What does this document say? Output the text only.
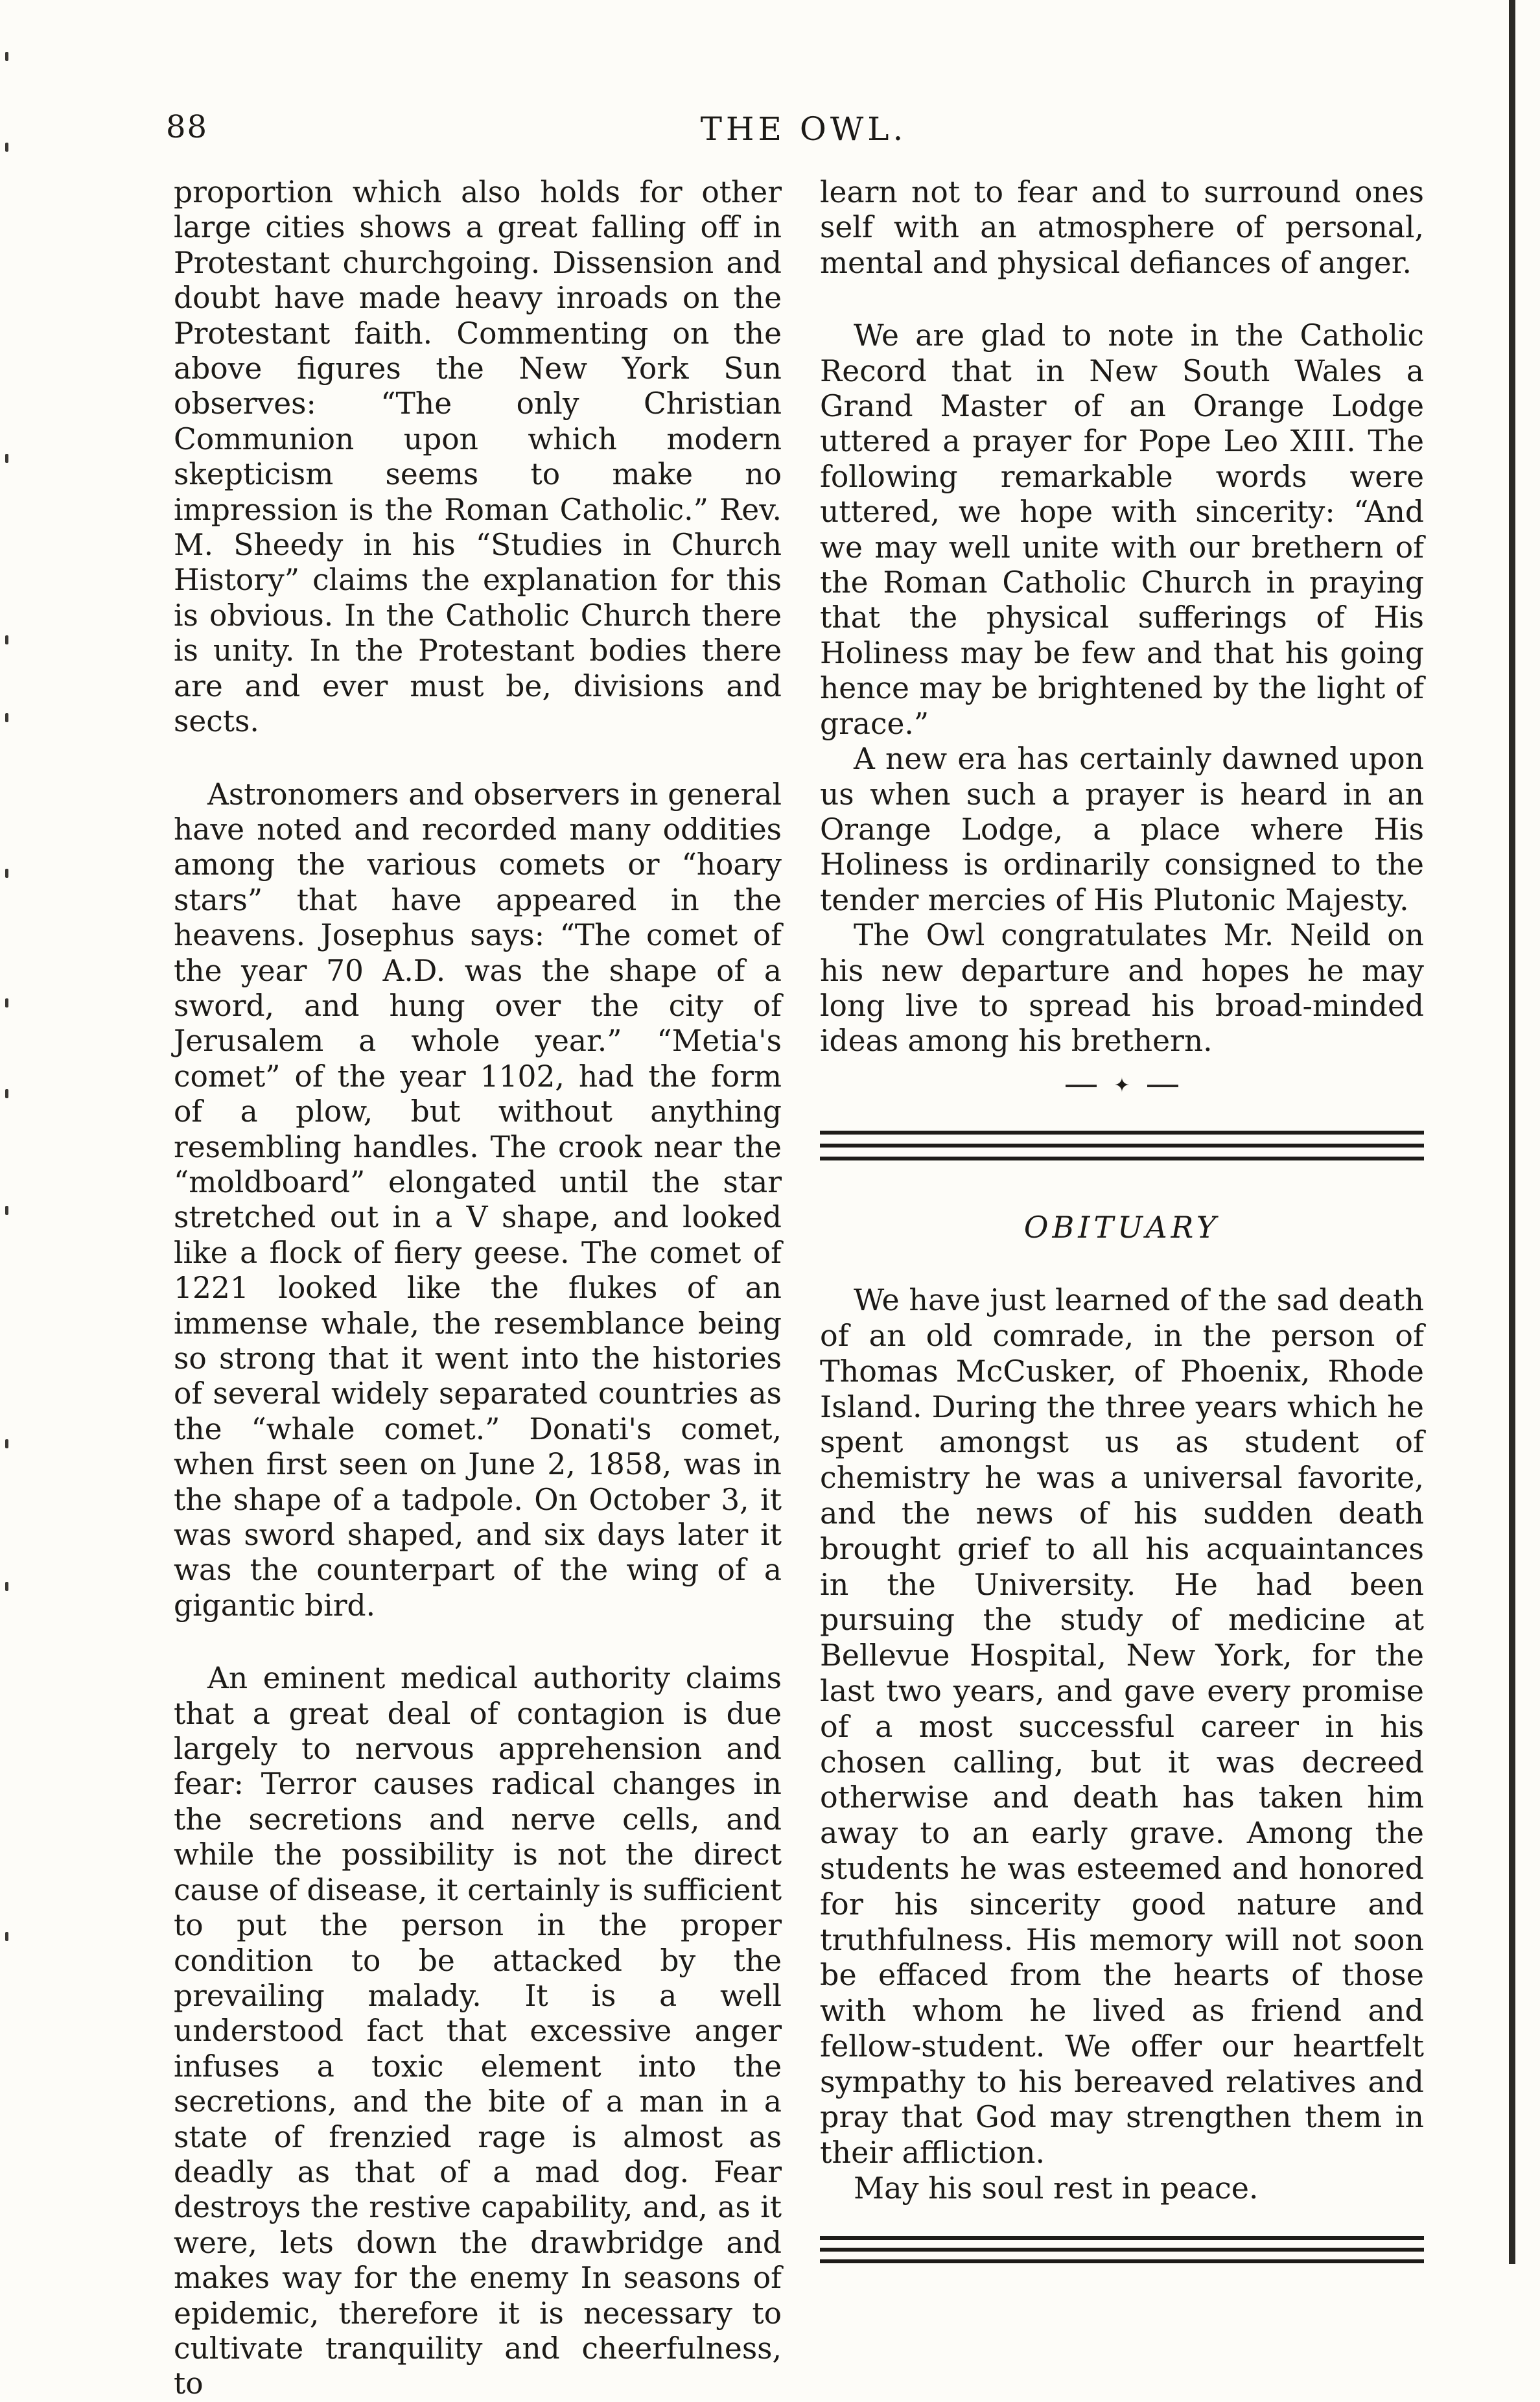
88	THE OWL.

proportion which also holds for other large cities shows a great falling off in Protestant churchgoing. Dissension and doubt have made heavy inroads on the Protestant faith. Commenting on the above figures the New York Sun observes: “The only Christian Communion upon which modern skepticism seems to make no impression is the Roman Catholic.” Rev. M. Sheedy in his “Studies in Church History” claims the explanation for this is obvious. In the Catholic Church there is unity. In the Protestant bodies there are and ever must be, divisions and sects.

Astronomers and observers in general have noted and recorded many oddities among the various comets or “hoary stars” that have appeared in the heavens. Josephus says: “The comet of the year 70 A.D. was the shape of a sword, and hung over the city of Jerusalem a whole year.” “Metia's comet” of the year 1102, had the form of a plow, but without anything resembling handles. The crook near the “moldboard” elongated until the star stretched out in a V shape, and looked like a flock of fiery geese. The comet of 1221 looked like the flukes of an immense whale, the resemblance being so strong that it went into the histories of several widely separated countries as the “whale comet.” Donati's comet, when first seen on June 2, 1858, was in the shape of a tadpole. On October 3, it was sword shaped, and six days later it was the counterpart of the wing of a gigantic bird.

An eminent medical authority claims that a great deal of contagion is due largely to nervous apprehension and fear: Terror causes radical changes in the secretions and nerve cells, and while the possibility is not the direct cause of disease, it certainly is sufficient to put the person in the proper condition to be attacked by the prevailing malady. It is a well understood fact that excessive anger infuses a toxic element into the secretions, and the bite of a man in a state of frenzied rage is almost as deadly as that of a mad dog. Fear destroys the restive capability, and, as it were, lets down the drawbridge and makes way for the enemy In seasons of epidemic, therefore it is necessary to cultivate tranquility and cheerfulness, to

learn not to fear and to surround ones self with an atmosphere of personal, mental and physical defiances of anger.

We are glad to note in the Catholic Record that in New South Wales a Grand Master of an Orange Lodge uttered a prayer for Pope Leo XIII. The following remarkable words were uttered, we hope with sincerity: “And we may well unite with our brethern of the Roman Catholic Church in praying that the physical sufferings of His Holiness may be few and that his going hence may be brightened by the light of grace.”

A new era has certainly dawned upon us when such a prayer is heard in an Orange Lodge, a place where His Holiness is ordinarily consigned to the tender mercies of His Plutonic Majesty.

The Owl congratulates Mr. Neild on his new departure and hopes he may long live to spread his broad-minded ideas among his brethern.

✦
OBITUARY

We have just learned of the sad death of an old comrade, in the person of Thomas McCusker, of Phoenix, Rhode Island. During the three years which he spent amongst us as student of chemistry he was a universal favorite, and the news of his sudden death brought grief to all his acquaintances in the University. He had been pursuing the study of medicine at Bellevue Hospital, New York, for the last two years, and gave every promise of a most successful career in his chosen calling, but it was decreed otherwise and death has taken him away to an early grave. Among the students he was esteemed and honored for his sincerity good nature and truthfulness. His memory will not soon be effaced from the hearts of those with whom he lived as friend and fellow-student. We offer our heartfelt sympathy to his bereaved relatives and pray that God may strengthen them in their affliction.

May his soul rest in peace.
